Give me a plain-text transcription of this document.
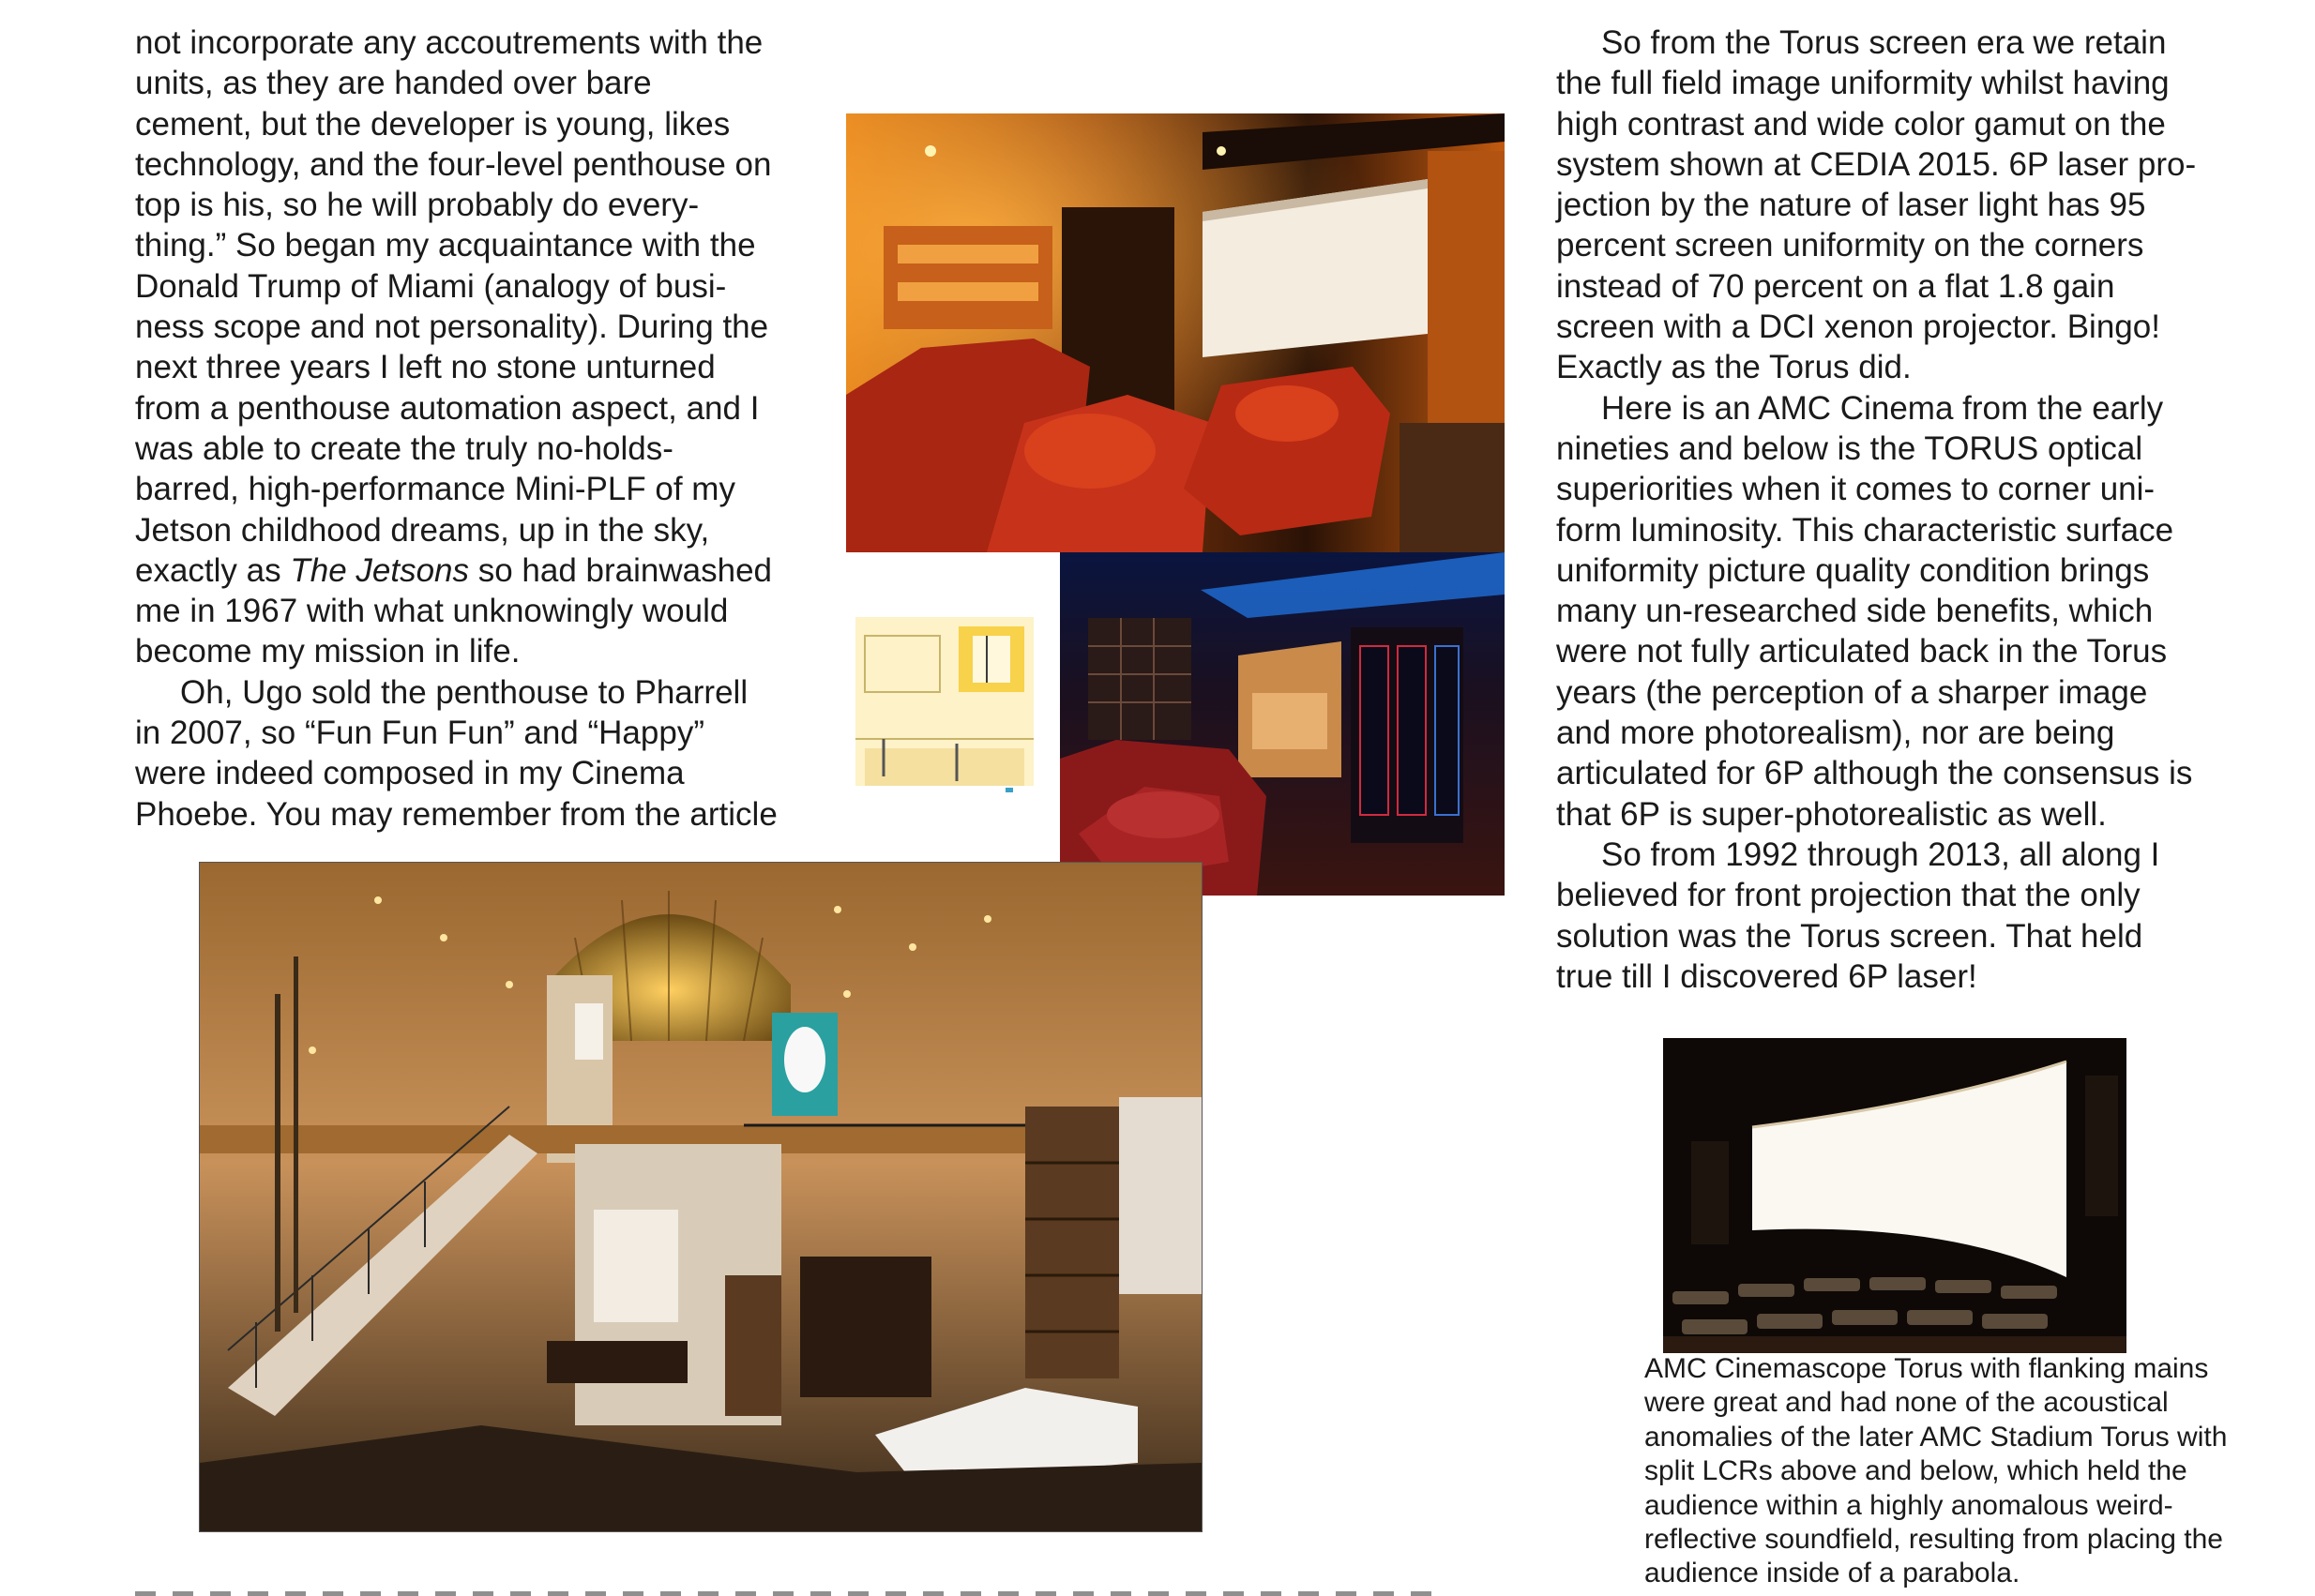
not incorporate any accoutrements with the
units, as they are handed over bare
cement, but the developer is young, likes
technology, and the four-level penthouse on
top is his, so he will probably do every-
thing.” So began my acquaintance with the
Donald Trump of Miami (analogy of busi-
ness scope and not personality). During the
next three years I left no stone unturned
from a penthouse automation aspect, and I
was able to create the truly no-holds-
barred, high-performance Mini-PLF of my
Jetson childhood dreams, up in the sky,
exactly as The Jetsons so had brainwashed
me in 1967 with what unknowingly would
become my mission in life.
Oh, Ugo sold the penthouse to Pharrell
in 2007, so “Fun Fun Fun” and “Happy”
were indeed composed in my Cinema
Phoebe. You may remember from the article
So from the Torus screen era we retain
the full field image uniformity whilst having
high contrast and wide color gamut on the
system shown at CEDIA 2015. 6P laser pro-
jection by the nature of laser light has 95
percent screen uniformity on the corners
instead of 70 percent on a flat 1.8 gain
screen with a DCI xenon projector. Bingo!
Exactly as the Torus did.
Here is an AMC Cinema from the early
nineties and below is the TORUS optical
superiorities when it comes to corner uni-
form luminosity. This characteristic surface
uniformity picture quality condition brings
many un-researched side benefits, which
were not fully articulated back in the Torus
years (the perception of a sharper image
and more photorealism), nor are being
articulated for 6P although the consensus is
that 6P is super-photorealistic as well.
So from 1992 through 2013, all along I
believed for front projection that the only
solution was the Torus screen. That held
true till I discovered 6P laser!
AMC Cinemascope Torus with flanking mains
were great and had none of the acoustical
anomalies of the later AMC Stadium Torus with
split LCRs above and below, which held the
audience within a highly anomalous weird-
reflective soundfield, resulting from placing the
audience inside of a parabola.
